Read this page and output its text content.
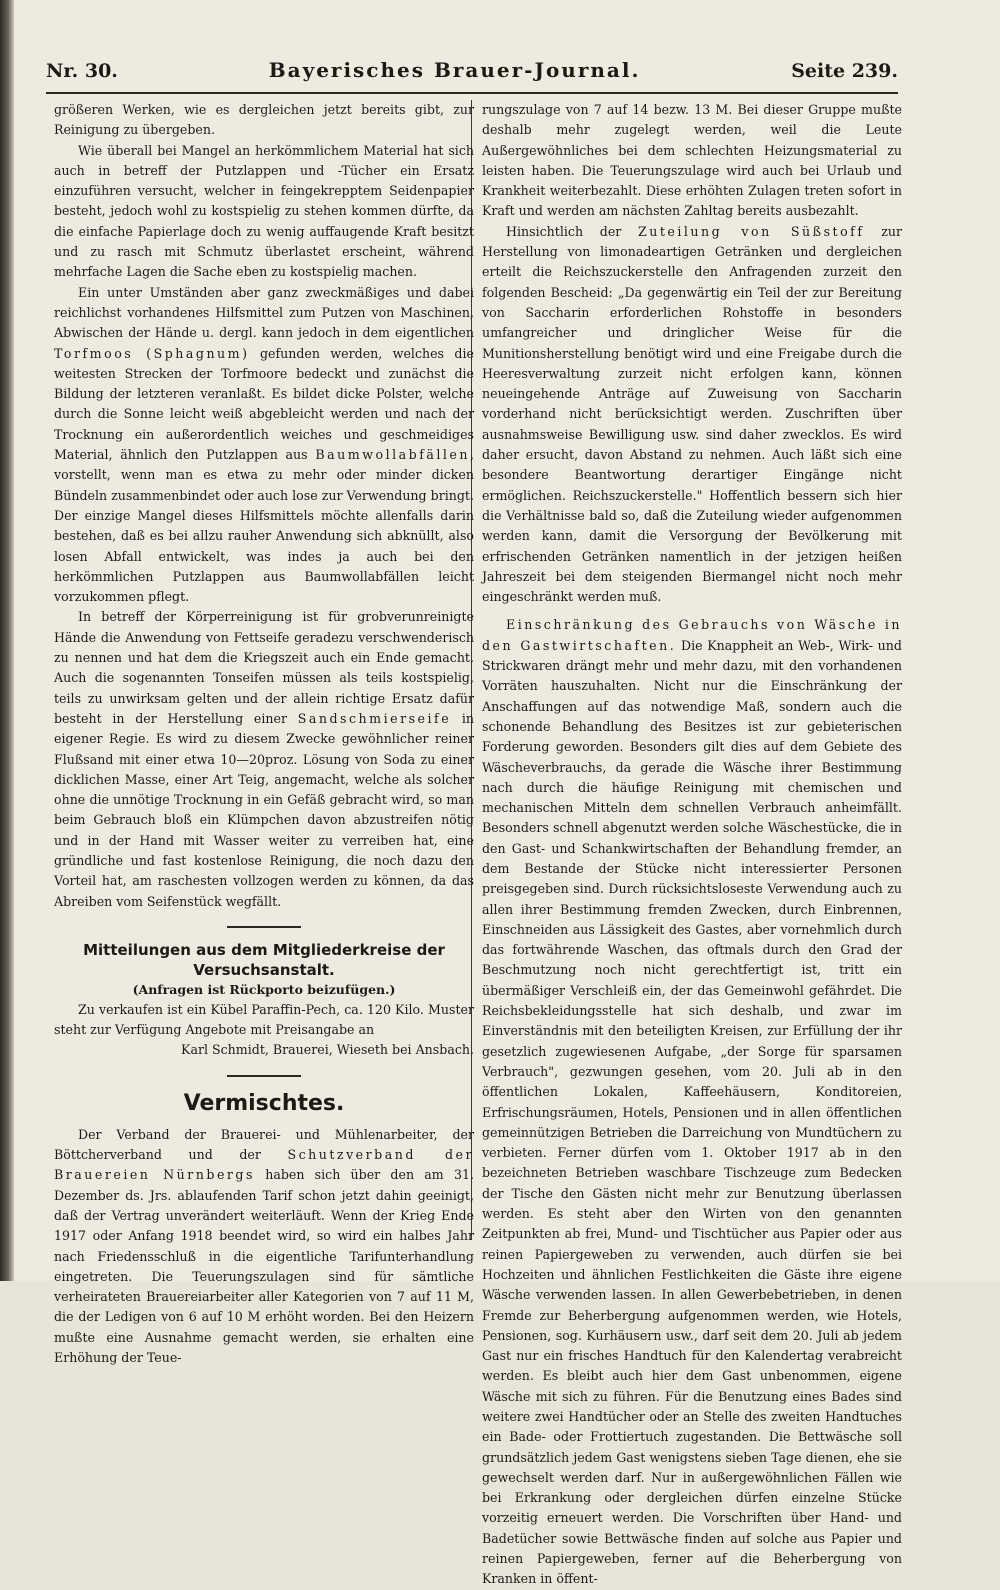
Nr. 30.	Bayerisches Brauer-Journal.	Seite 239.

größeren Werken, wie es dergleichen jetzt bereits gibt, zur Reinigung zu übergeben.

Wie überall bei Mangel an herkömmlichem Material hat sich auch in betreff der Putzlappen und -Tücher ein Ersatz einzuführen versucht, welcher in feingekrepptem Seidenpapier besteht, jedoch wohl zu kostspielig zu stehen kommen dürfte, da die einfache Papierlage doch zu wenig auffaugende Kraft besitzt und zu rasch mit Schmutz überlastet erscheint, während mehrfache Lagen die Sache eben zu kostspielig machen.

Ein unter Umständen aber ganz zweckmäßiges und dabei reichlichst vorhandenes Hilfsmittel zum Putzen von Maschinen, Abwischen der Hände u. dergl. kann jedoch in dem eigentlichen Torfmoos (Sphagnum) gefunden werden, welches die weitesten Strecken der Torfmoore bedeckt und zunächst die Bildung der letzteren veranlaßt. Es bildet dicke Polster, welche durch die Sonne leicht weiß abgebleicht werden und nach der Trocknung ein außerordentlich weiches und geschmeidiges Material, ähnlich den Putzlappen aus Baumwollabfällen, vorstellt, wenn man es etwa zu mehr oder minder dicken Bündeln zusammenbindet oder auch lose zur Verwendung bringt. Der einzige Mangel dieses Hilfsmittels möchte allenfalls darin bestehen, daß es bei allzu rauher Anwendung sich abknüllt, also losen Abfall entwickelt, was indes ja auch bei den herkömmlichen Putzlappen aus Baumwollabfällen leicht vorzukommen pflegt.

In betreff der Körperreinigung ist für grobverunreinigte Hände die Anwendung von Fettseife geradezu verschwenderisch zu nennen und hat dem die Kriegszeit auch ein Ende gemacht. Auch die sogenannten Tonseifen müssen als teils kostspielig, teils zu unwirksam gelten und der allein richtige Ersatz dafür besteht in der Herstellung einer Sandschmierseife in eigener Regie. Es wird zu diesem Zwecke gewöhnlicher reiner Flußsand mit einer etwa 10—20proz. Lösung von Soda zu einer dicklichen Masse, einer Art Teig, angemacht, welche als solcher ohne die unnötige Trocknung in ein Gefäß gebracht wird, so man beim Gebrauch bloß ein Klümpchen davon abzustreifen nötig und in der Hand mit Wasser weiter zu verreiben hat, eine gründliche und fast kostenlose Reinigung, die noch dazu den Vorteil hat, am raschesten vollzogen werden zu können, da das Abreiben vom Seifenstück wegfällt.

Mitteilungen aus dem Mitgliederkreise der Versuchsanstalt.
(Anfragen ist Rückporto beizufügen.)

Zu verkaufen ist ein Kübel Paraffin-Pech, ca. 120 Kilo. Muster steht zur Verfügung Angebote mit Preisangabe an

Karl Schmidt, Brauerei, Wieseth bei Ansbach.

Vermischtes.

Der Verband der Brauerei- und Mühlenarbeiter, der Böttcherverband und der Schutzverband der Brauereien Nürnbergs haben sich über den am 31. Dezember ds. Jrs. ablaufenden Tarif schon jetzt dahin geeinigt, daß der Vertrag unverändert weiterläuft. Wenn der Krieg Ende 1917 oder Anfang 1918 beendet wird, so wird ein halbes Jahr nach Friedensschluß in die eigentliche Tarifunterhandlung eingetreten. Die Teuerungszulagen sind für sämtliche verheirateten Brauereiarbeiter aller Kategorien von 7 auf 11 M, die der Ledigen von 6 auf 10 M erhöht worden. Bei den Heizern mußte eine Ausnahme gemacht werden, sie erhalten eine Erhöhung der Teue-

rungszulage von 7 auf 14 bezw. 13 M. Bei dieser Gruppe mußte deshalb mehr zugelegt werden, weil die Leute Außergewöhnliches bei dem schlechten Heizungsmaterial zu leisten haben. Die Teuerungszulage wird auch bei Urlaub und Krankheit weiterbezahlt. Diese erhöhten Zulagen treten sofort in Kraft und werden am nächsten Zahltag bereits ausbezahlt.

Hinsichtlich der Zuteilung von Süßstoff zur Herstellung von limonadeartigen Getränken und dergleichen erteilt die Reichszuckerstelle den Anfragenden zurzeit den folgenden Bescheid: „Da gegenwärtig ein Teil der zur Bereitung von Saccharin erforderlichen Rohstoffe in besonders umfangreicher und dringlicher Weise für die Munitionsherstellung benötigt wird und eine Freigabe durch die Heeresverwaltung zurzeit nicht erfolgen kann, können neueingehende Anträge auf Zuweisung von Saccharin vorderhand nicht berücksichtigt werden. Zuschriften über ausnahmsweise Bewilligung usw. sind daher zwecklos. Es wird daher ersucht, davon Abstand zu nehmen. Auch läßt sich eine besondere Beantwortung derartiger Eingänge nicht ermöglichen. Reichszuckerstelle." Hoffentlich bessern sich hier die Verhältnisse bald so, daß die Zuteilung wieder aufgenommen werden kann, damit die Versorgung der Bevölkerung mit erfrischenden Getränken namentlich in der jetzigen heißen Jahreszeit bei dem steigenden Biermangel nicht noch mehr eingeschränkt werden muß.

Einschränkung des Gebrauchs von Wäsche in den Gastwirtschaften. Die Knappheit an Web-, Wirk- und Strickwaren drängt mehr und mehr dazu, mit den vorhandenen Vorräten hauszuhalten. Nicht nur die Einschränkung der Anschaffungen auf das notwendige Maß, sondern auch die schonende Behandlung des Besitzes ist zur gebieterischen Forderung geworden. Besonders gilt dies auf dem Gebiete des Wäscheverbrauchs, da gerade die Wäsche ihrer Bestimmung nach durch die häufige Reinigung mit chemischen und mechanischen Mitteln dem schnellen Verbrauch anheimfällt. Besonders schnell abgenutzt werden solche Wäschestücke, die in den Gast- und Schankwirtschaften der Behandlung fremder, an dem Bestande der Stücke nicht interessierter Personen preisgegeben sind. Durch rücksichtsloseste Verwendung auch zu allen ihrer Bestimmung fremden Zwecken, durch Einbrennen, Einschneiden aus Lässigkeit des Gastes, aber vornehmlich durch das fortwährende Waschen, das oftmals durch den Grad der Beschmutzung noch nicht gerechtfertigt ist, tritt ein übermäßiger Verschleiß ein, der das Gemeinwohl gefährdet. Die Reichsbekleidungsstelle hat sich deshalb, und zwar im Einverständnis mit den beteiligten Kreisen, zur Erfüllung der ihr gesetzlich zugewiesenen Aufgabe, „der Sorge für sparsamen Verbrauch", gezwungen gesehen, vom 20. Juli ab in den öffentlichen Lokalen, Kaffeehäusern, Konditoreien, Erfrischungsräumen, Hotels, Pensionen und in allen öffentlichen gemeinnützigen Betrieben die Darreichung von Mundtüchern zu verbieten. Ferner dürfen vom 1. Oktober 1917 ab in den bezeichneten Betrieben waschbare Tischzeuge zum Bedecken der Tische den Gästen nicht mehr zur Benutzung überlassen werden. Es steht aber den Wirten von den genannten Zeitpunkten ab frei, Mund- und Tischtücher aus Papier oder aus reinen Papiergeweben zu verwenden, auch dürfen sie bei Hochzeiten und ähnlichen Festlichkeiten die Gäste ihre eigene Wäsche verwenden lassen. In allen Gewerbebetrieben, in denen Fremde zur Beherbergung aufgenommen werden, wie Hotels, Pensionen, sog. Kurhäusern usw., darf seit dem 20. Juli ab jedem Gast nur ein frisches Handtuch für den Kalendertag verabreicht werden. Es bleibt auch hier dem Gast unbenommen, eigene Wäsche mit sich zu führen. Für die Benutzung eines Bades sind weitere zwei Handtücher oder an Stelle des zweiten Handtuches ein Bade- oder Frottiertuch zugestanden. Die Bettwäsche soll grundsätzlich jedem Gast wenigstens sieben Tage dienen, ehe sie gewechselt werden darf. Nur in außergewöhnlichen Fällen wie bei Erkrankung oder dergleichen dürfen einzelne Stücke vorzeitig erneuert werden. Die Vorschriften über Hand- und Badetücher sowie Bettwäsche finden auf solche aus Papier und reinen Papiergeweben, ferner auf die Beherbergung von Kranken in öffent-
